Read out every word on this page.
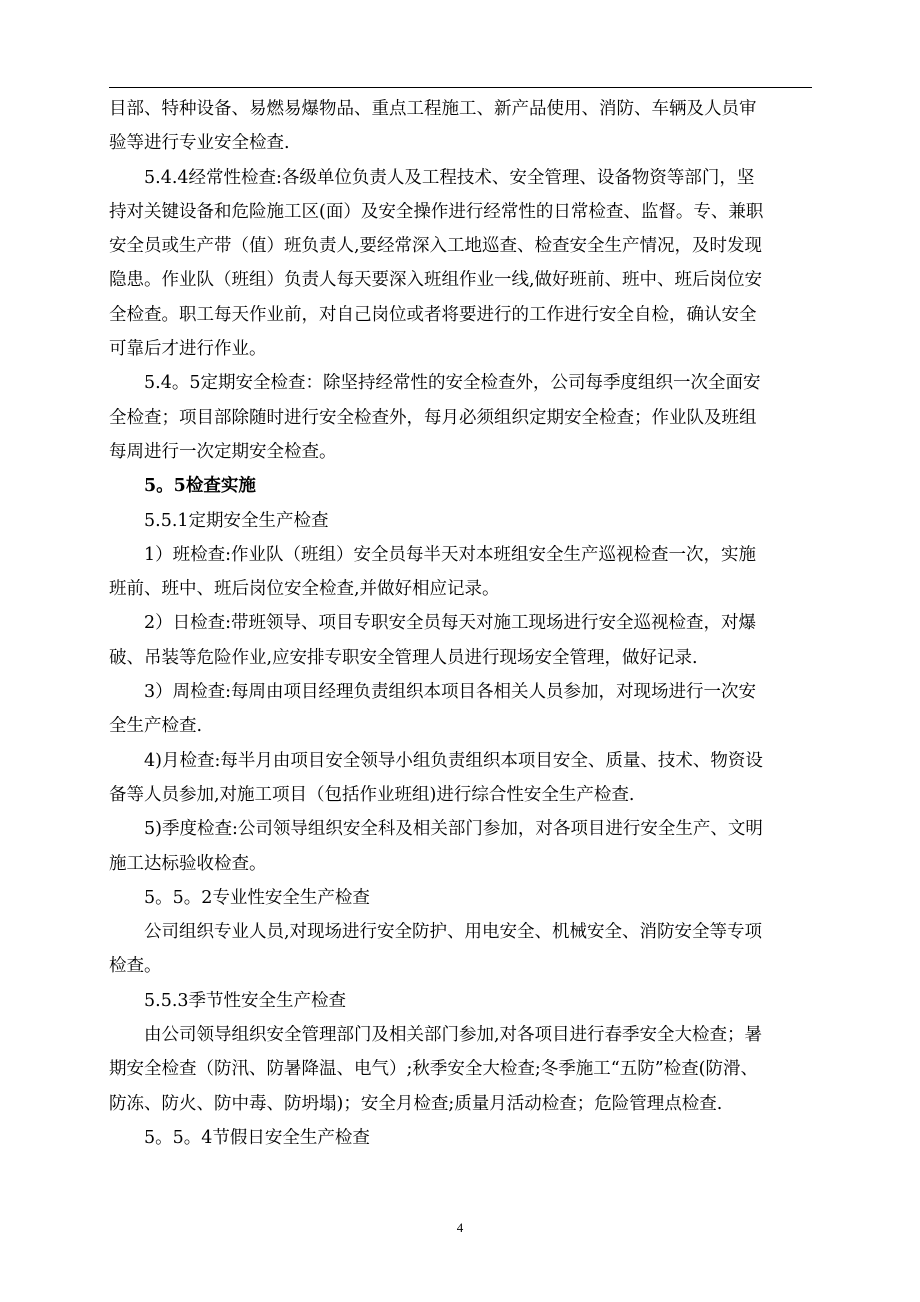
目部、特种设备、易燃易爆物品、重点工程施工、新产品使用、消防、车辆及人员审
验等进行专业安全检查.
5.4.4经常性检查:各级单位负责人及工程技术、安全管理、设备物资等部门，坚
持对关键设备和危险施工区(面）及安全操作进行经常性的日常检查、监督。专、兼职
安全员或生产带（值）班负责人,要经常深入工地巡查、检查安全生产情况，及时发现
隐患。作业队（班组）负责人每天要深入班组作业一线,做好班前、班中、班后岗位安
全检查。职工每天作业前，对自己岗位或者将要进行的工作进行安全自检，确认安全
可靠后才进行作业。
5.4。5定期安全检查：除坚持经常性的安全检查外，公司每季度组织一次全面安
全检查；项目部除随时进行安全检查外，每月必须组织定期安全检查；作业队及班组
每周进行一次定期安全检查。
5。5检查实施
5.5.1定期安全生产检查
1）班检查:作业队（班组）安全员每半天对本班组安全生产巡视检查一次，实施
班前、班中、班后岗位安全检查,并做好相应记录。
2）日检查:带班领导、项目专职安全员每天对施工现场进行安全巡视检查，对爆
破、吊装等危险作业,应安排专职安全管理人员进行现场安全管理，做好记录.
3）周检查:每周由项目经理负责组织本项目各相关人员参加，对现场进行一次安
全生产检查.
4)月检查:每半月由项目安全领导小组负责组织本项目安全、质量、技术、物资设
备等人员参加,对施工项目（包括作业班组)进行综合性安全生产检查.
5)季度检查:公司领导组织安全科及相关部门参加，对各项目进行安全生产、文明
施工达标验收检查。
5。5。2专业性安全生产检查
公司组织专业人员,对现场进行安全防护、用电安全、机械安全、消防安全等专项
检查。
5.5.3季节性安全生产检查
由公司领导组织安全管理部门及相关部门参加,对各项目进行春季安全大检查；暑
期安全检查（防汛、防暑降温、电气）;秋季安全大检查;冬季施工“五防”检查(防滑、
防冻、防火、防中毒、防坍塌)；安全月检查;质量月活动检查；危险管理点检查.
5。5。4节假日安全生产检查
4
